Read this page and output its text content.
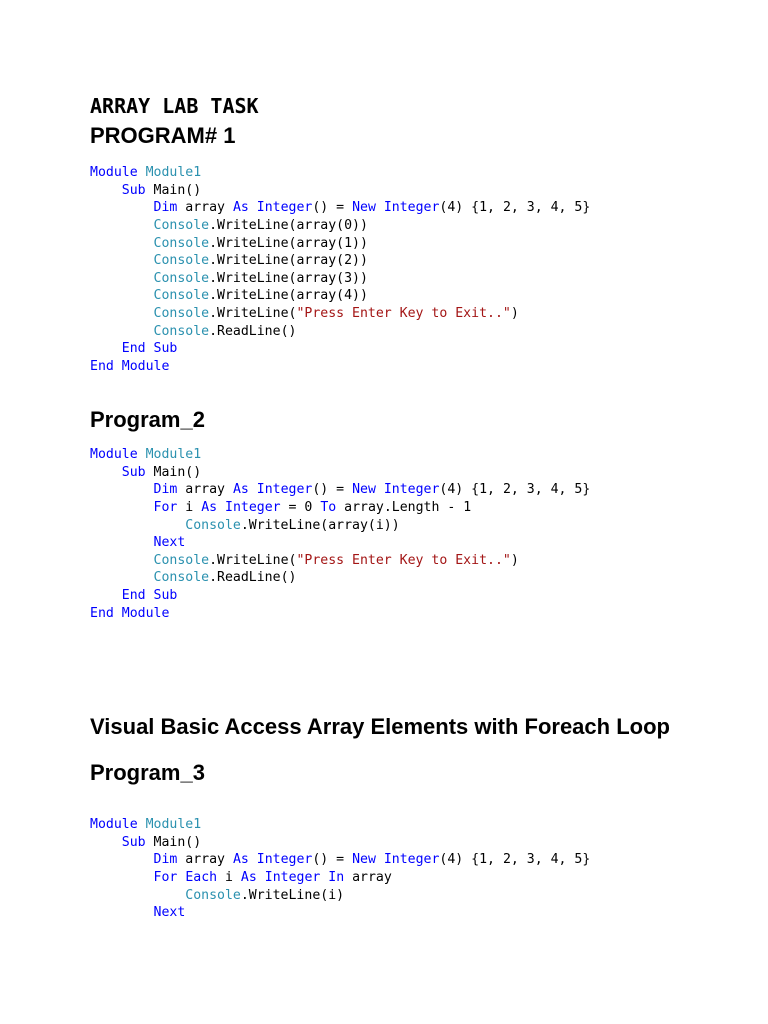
ARRAY LAB TASK
PROGRAM# 1
Module Module1
Sub Main()
Dim array As Integer() = New Integer(4) {1, 2, 3, 4, 5}
Console.WriteLine(array(0))
Console.WriteLine(array(1))
Console.WriteLine(array(2))
Console.WriteLine(array(3))
Console.WriteLine(array(4))
Console.WriteLine("Press Enter Key to Exit..")
Console.ReadLine()
End Sub
End Module
Program_2
Module Module1
Sub Main()
Dim array As Integer() = New Integer(4) {1, 2, 3, 4, 5}
For i As Integer = 0 To array.Length - 1
Console.WriteLine(array(i))
Next
Console.WriteLine("Press Enter Key to Exit..")
Console.ReadLine()
End Sub
End Module
Visual Basic Access Array Elements with Foreach Loop
Program_3
Module Module1
Sub Main()
Dim array As Integer() = New Integer(4) {1, 2, 3, 4, 5}
For Each i As Integer In array
Console.WriteLine(i)
Next
